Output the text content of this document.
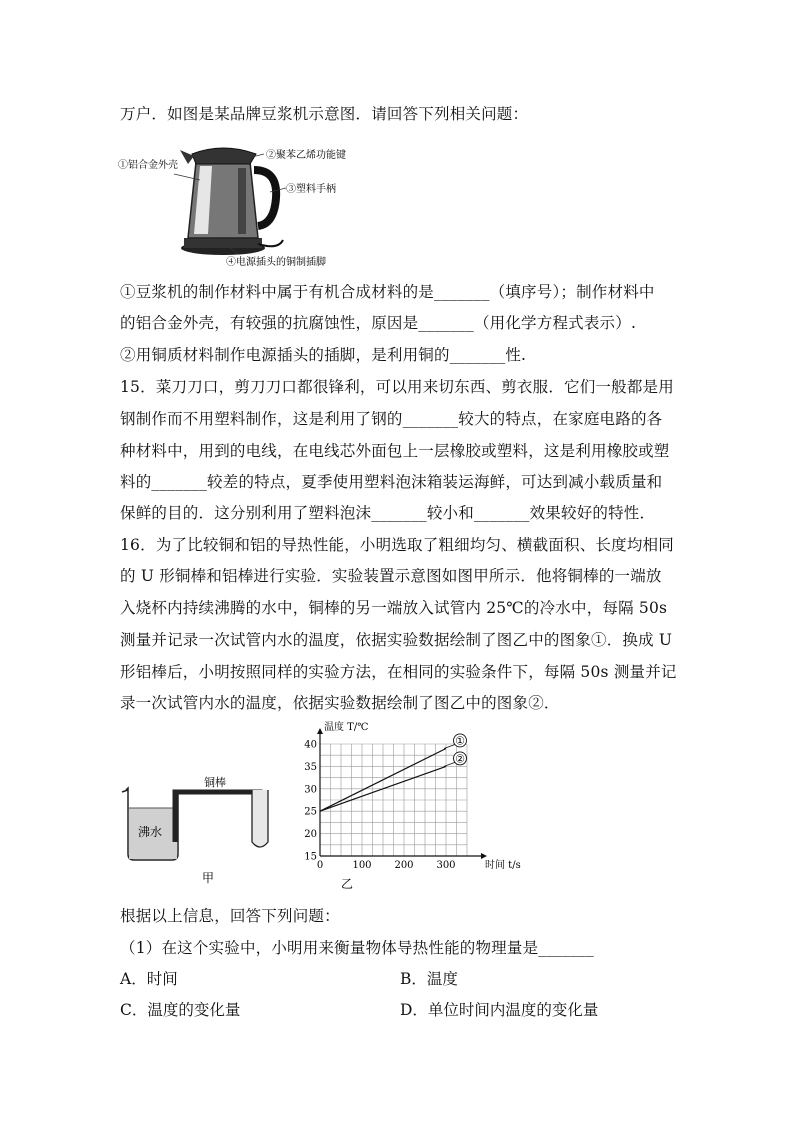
万户．如图是某品牌豆浆机示意图．请回答下列相关问题：
①铝合金外壳
②聚苯乙烯功能键
③塑料手柄
④电源插头的铜制插脚
①豆浆机的制作材料中属于有机合成材料的是_______（填序号）；制作材料中
的铝合金外壳，有较强的抗腐蚀性，原因是_______（用化学方程式表示）.
②用铜质材料制作电源插头的插脚，是利用铜的_______性.
15．菜刀刀口，剪刀刀口都很锋利，可以用来切东西、剪衣服．它们一般都是用
钢制作而不用塑料制作，这是利用了钢的_______较大的特点，在家庭电路的各
种材料中，用到的电线，在电线芯外面包上一层橡胶或塑料，这是利用橡胶或塑
料的_______较差的特点，夏季使用塑料泡沫箱装运海鲜，可达到减小载质量和
保鲜的目的．这分别利用了塑料泡沫_______较小和_______效果较好的特性．
16．为了比较铜和铝的导热性能，小明选取了粗细均匀、横截面积、长度均相同
的 U 形铜棒和铝棒进行实验．实验装置示意图如图甲所示．他将铜棒的一端放
入烧杯内持续沸腾的水中，铜棒的另一端放入试管内 25℃的冷水中，每隔 50s
测量并记录一次试管内水的温度，依据实验数据绘制了图乙中的图象①．换成 U
形铝棒后，小明按照同样的实验方法，在相同的实验条件下，每隔 50s 测量并记
录一次试管内水的温度，依据实验数据绘制了图乙中的图象②．
铜棒
沸水
甲
0	100 200 300
15
20
25
30
35
40
温度 T/℃
时间 t/s
乙
①
②
根据以上信息，回答下列问题：
（1）在这个实验中，小明用来衡量物体导热性能的物理量是_______
A．时间	B．温度
C．温度的变化量	D．单位时间内温度的变化量
